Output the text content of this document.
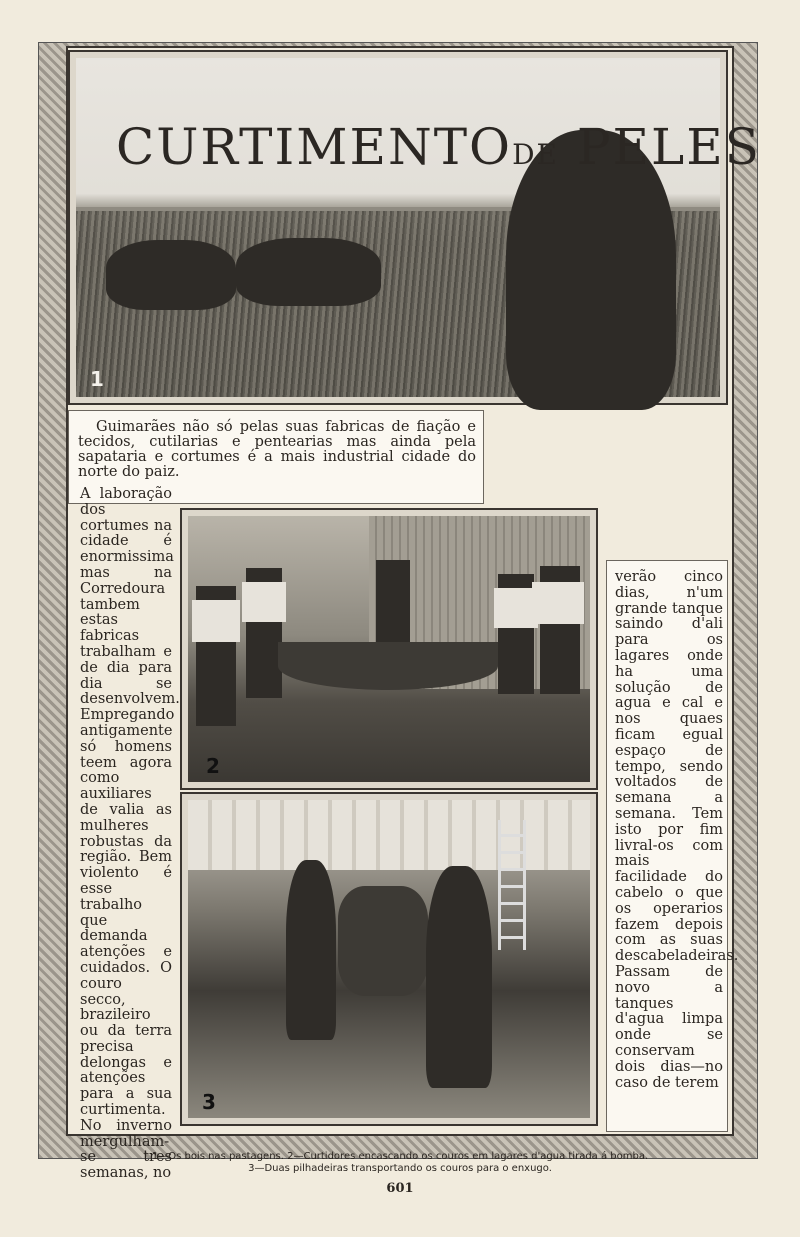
CURTIMENTODE PELES
1
2
3

Guimarães não só pelas suas fabricas de fiação e tecidos, cutilarias e pentearias mas ainda pela sapataria e cortumes é a mais industrial cidade do norte do paiz.

A laboração dos cortumes na cidade é enormissima mas na Corredoura tambem estas fabricas trabalham e de dia para dia se desenvolvem. Empregando antigamente só homens teem agora como auxiliares de valia as mulheres robustas da região. Bem violento é esse trabalho que demanda atenções e cuidados. O couro secco, brazileiro ou da terra precisa delongas e atenções para a sua curtimenta. No inverno mergulham-se tres semanas, no

verão cinco dias, n'um grande tanque saindo d'ali para os lagares onde ha uma solução de agua e cal e nos quaes ficam egual espaço de tempo, sendo voltados de semana a semana. Tem isto por fim livral-os com mais facilidade do cabelo o que os operarios fazem depois com as suas descabeladeiras. Passam de novo a tanques d'agua limpa onde se conservam dois dias—no caso de terem

1—Os bois nas pastagens. 2—Curtidores encascando os couros em lagares d'agua tirada á bomba.
3—Duas pilhadeiras transportando os couros para o enxugo.
601
